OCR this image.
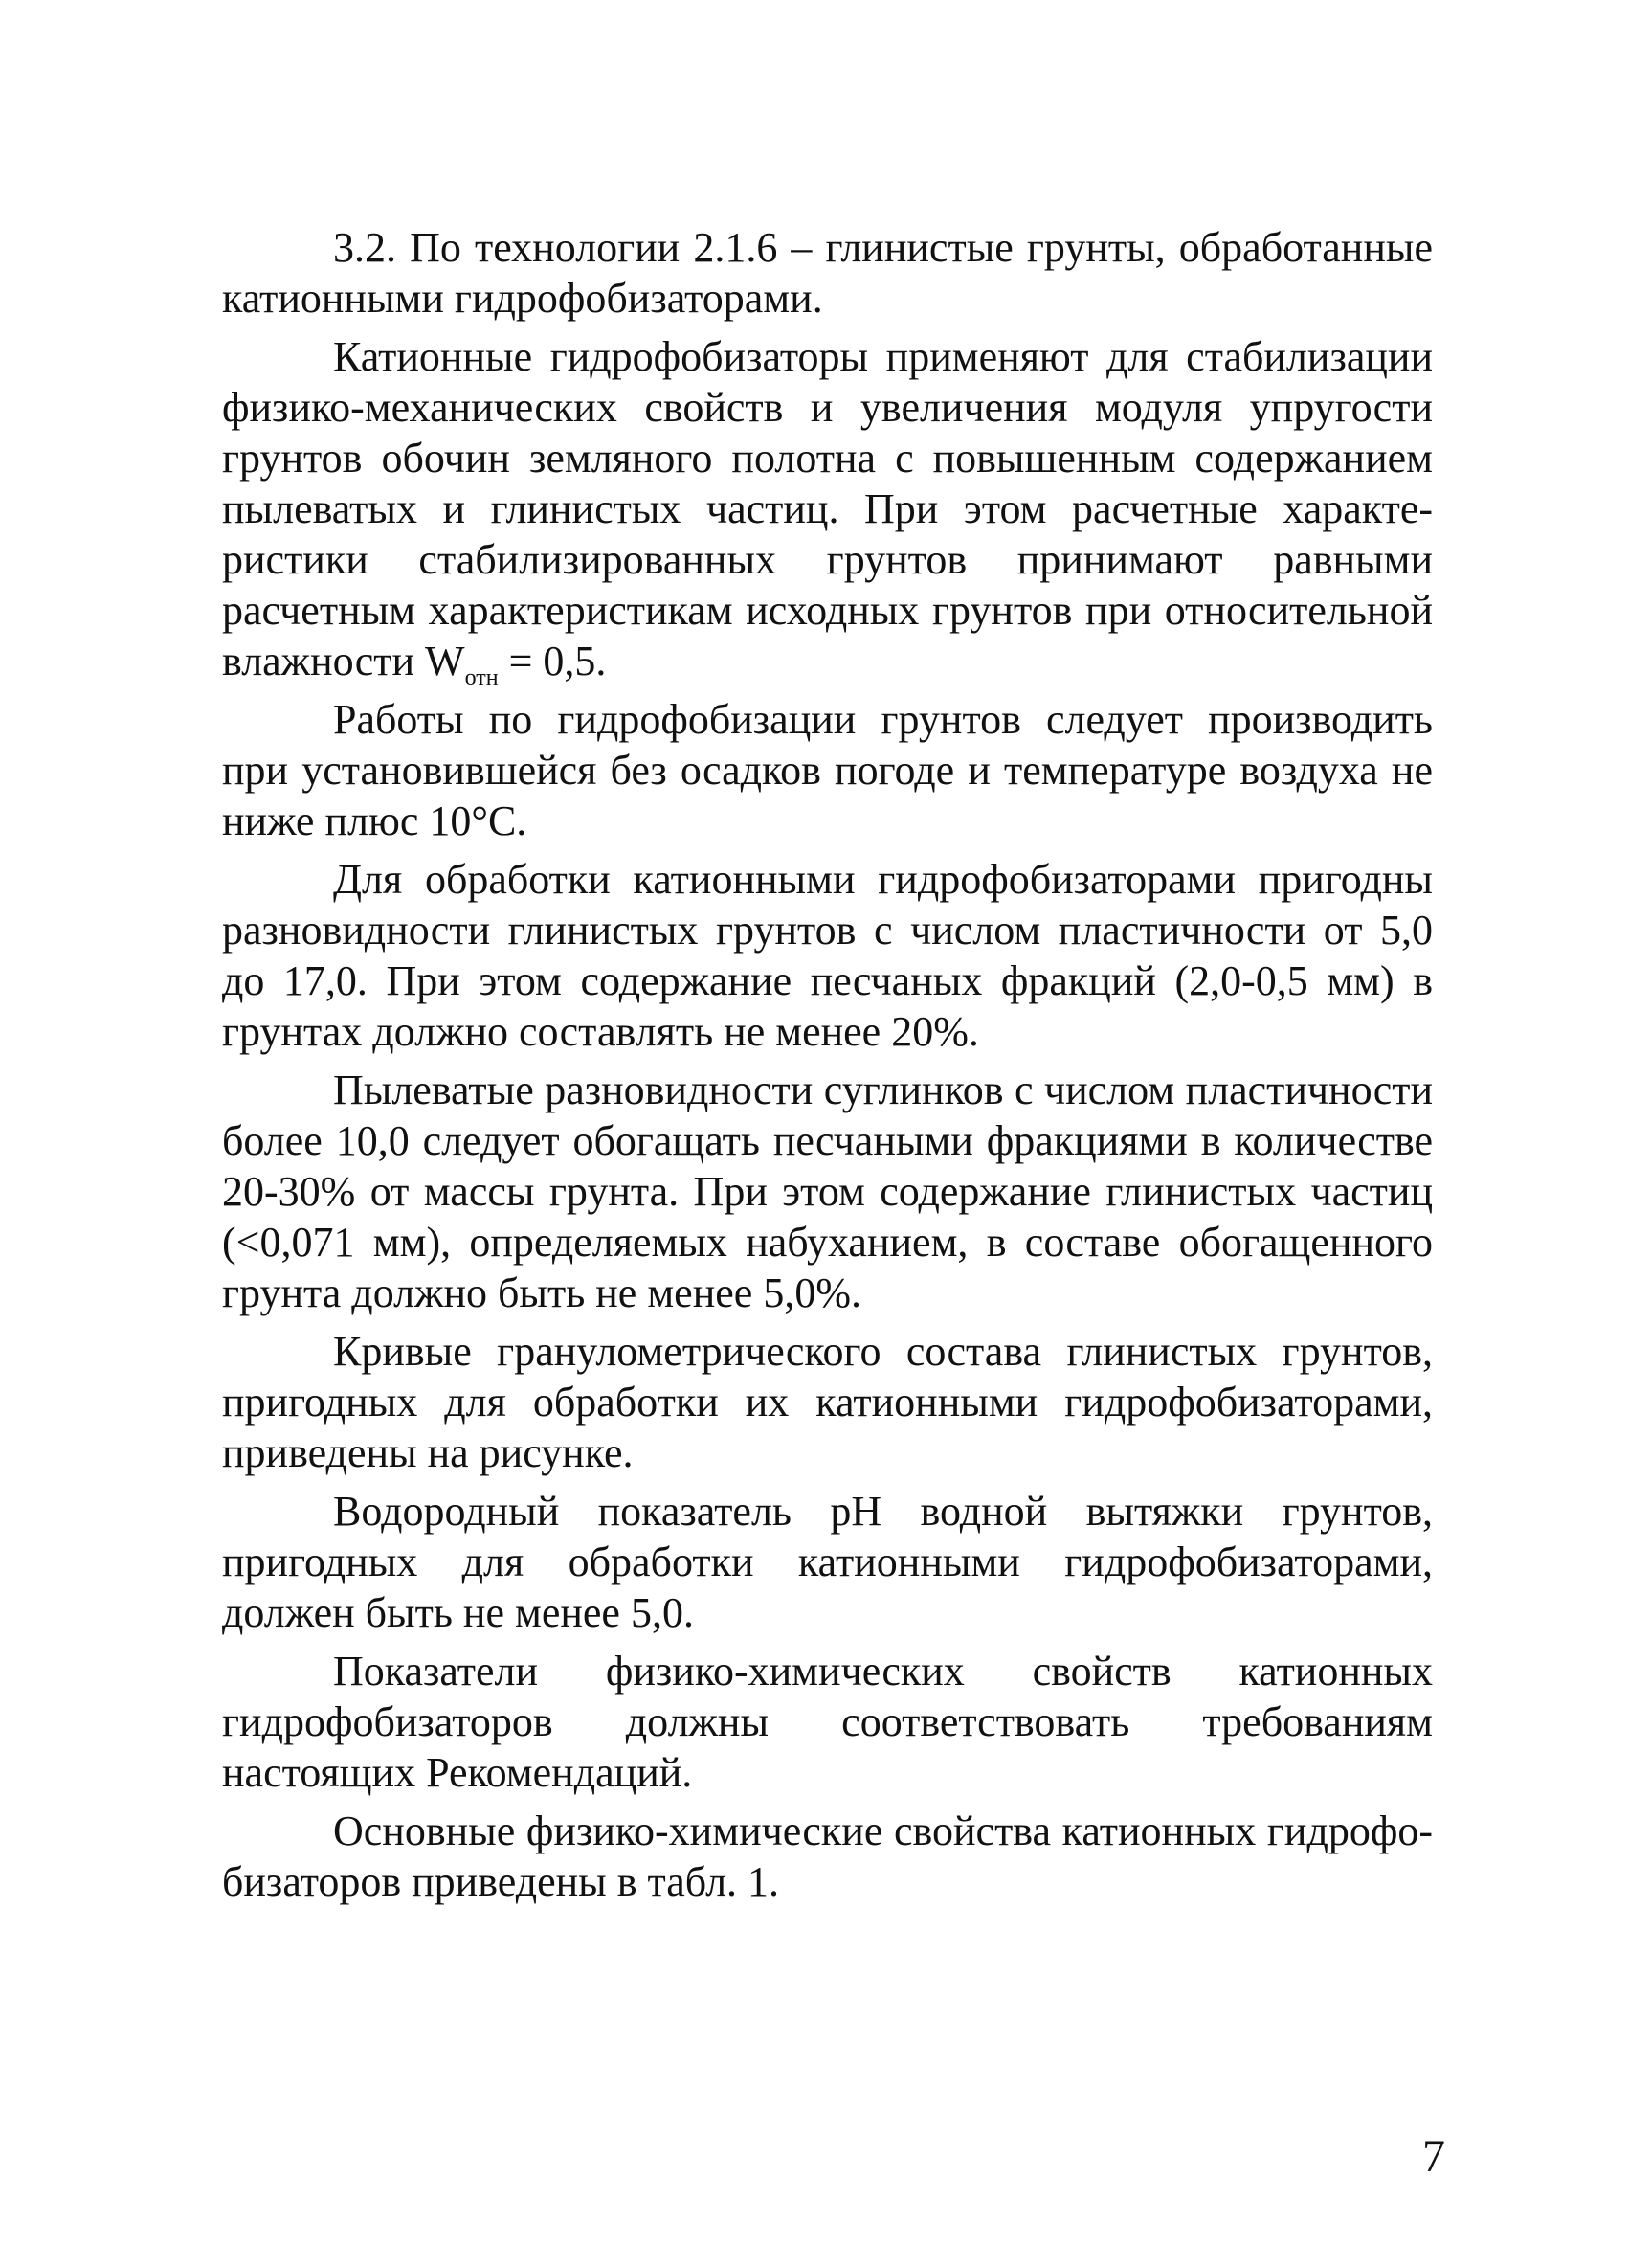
3.2. По технологии 2.1.6 – глинистые грунты, обработанные катионными гидрофобизаторами.

Катионные гидрофобизаторы применяют для стабилизации физико-механических свойств и увеличения модуля упругости грунтов обочин земляного полотна с повышенным содержанием пылеватых и глинистых частиц. При этом расчетные характеристики стабилизированных грунтов принимают равными расчетным характеристикам исходных грунтов при относительной влажности $W_{отн} = 0,5$.

Работы по гидрофобизации грунтов следует производить при установившейся без осадков погоде и температуре воздуха не ниже плюс 10°С.

Для обработки катионными гидрофобизаторами пригодны разновидности глинистых грунтов с числом пластичности от 5,0 до 17,0. При этом содержание песчаных фракций (2,0-0,5 мм) в грунтах должно составлять не менее 20%.

Пылеватые разновидности суглинков с числом пластичности более 10,0 следует обогащать песчаными фракциями в количестве 20-30% от массы грунта. При этом содержание глинистых частиц (<0,071 мм), определяемых набуханием, в составе обогащенного грунта должно быть не менее 5,0%.

Кривые гранулометрического состава глинистых грунтов, пригодных для обработки их катионными гидрофобизаторами, приведены на рисунке.

Водородный показатель рН водной вытяжки грунтов, пригодных для обработки катионными гидрофобизаторами, должен быть не менее 5,0.

Показатели физико-химических свойств катионных гидрофобизаторов должны соответствовать требованиям настоящих Рекомендаций.

Основные физико-химические свойства катионных гидрофобизаторов приведены в табл. 1.

7
